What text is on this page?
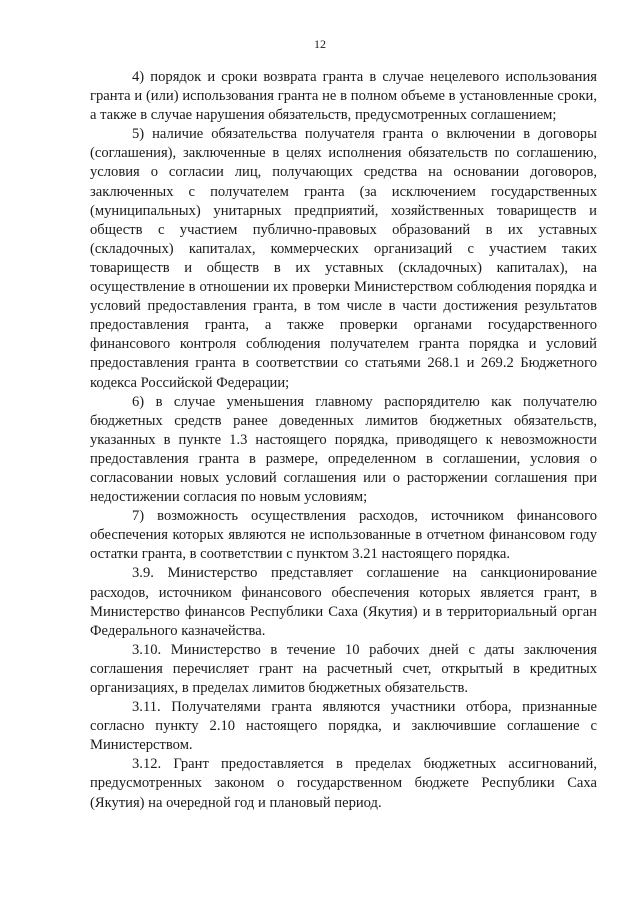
12

4) порядок и сроки возврата гранта в случае нецелевого использования гранта и (или) использования гранта не в полном объеме в установленные сроки, а также в случае нарушения обязательств, предусмотренных соглашением;

5) наличие обязательства получателя гранта о включении в договоры (соглашения), заключенные в целях исполнения обязательств по соглашению, условия о согласии лиц, получающих средства на основании договоров, заключенных с получателем гранта (за исключением государственных (муниципальных) унитарных предприятий, хозяйственных товариществ и обществ с участием публично-правовых образований в их уставных (складочных) капиталах, коммерческих организаций с участием таких товариществ и обществ в их уставных (складочных) капиталах), на осуществление в отношении их проверки Министерством соблюдения порядка и условий предоставления гранта, в том числе в части достижения результатов предоставления гранта, а также проверки органами государственного финансового контроля соблюдения получателем гранта порядка и условий предоставления гранта в соответствии со статьями 268.1 и 269.2 Бюджетного кодекса Российской Федерации;

6) в случае уменьшения главному распорядителю как получателю бюджетных средств ранее доведенных лимитов бюджетных обязательств, указанных в пункте 1.3 настоящего порядка, приводящего к невозможности предоставления гранта в размере, определенном в соглашении, условия о согласовании новых условий соглашения или о расторжении соглашения при недостижении согласия по новым условиям;

7) возможность осуществления расходов, источником финансового обеспечения которых являются не использованные в отчетном финансовом году остатки гранта, в соответствии с пунктом 3.21 настоящего порядка.

3.9. Министерство представляет соглашение на санкционирование расходов, источником финансового обеспечения которых является грант, в Министерство финансов Республики Саха (Якутия) и в территориальный орган Федерального казначейства.

3.10. Министерство в течение 10 рабочих дней с даты заключения соглашения перечисляет грант на расчетный счет, открытый в кредитных организациях, в пределах лимитов бюджетных обязательств.

3.11. Получателями гранта являются участники отбора, признанные согласно пункту 2.10 настоящего порядка, и заключившие соглашение с Министерством.

3.12. Грант предоставляется в пределах бюджетных ассигнований, предусмотренных законом о государственном бюджете Республики Саха (Якутия) на очередной год и плановый период.
